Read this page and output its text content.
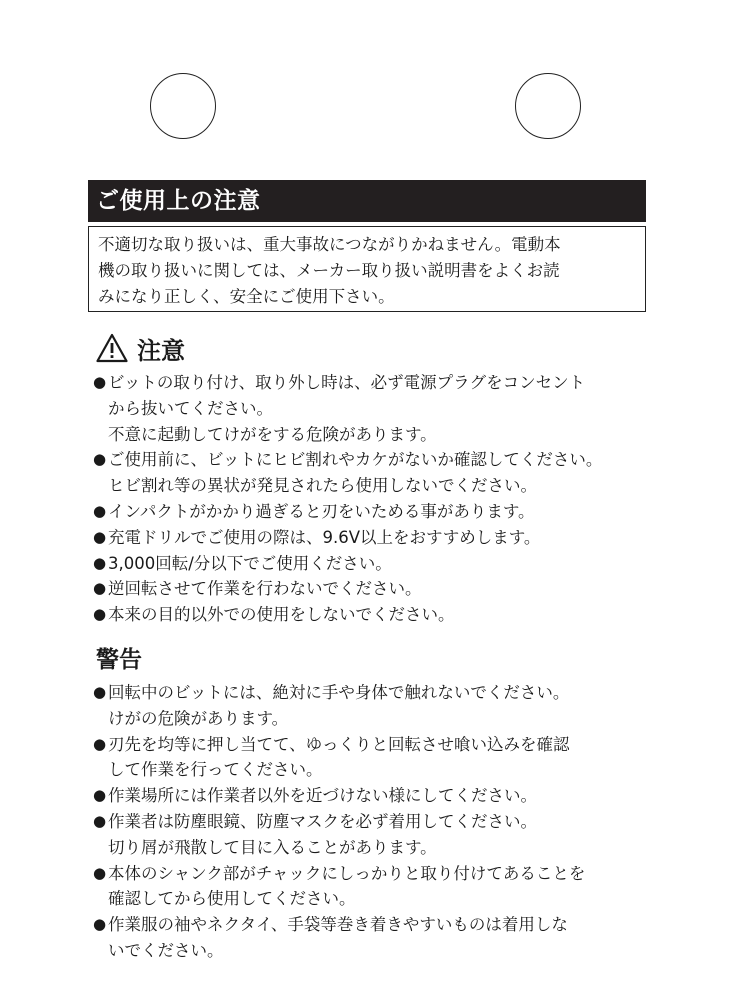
ご使用上の注意
不適切な取り扱いは、重大事故につながりかねません。電動本
機の取り扱いに関しては、メーカー取り扱い説明書をよくお読
みになり正しく、安全にご使用下さい。
注意
● ビットの取り付け、取り外し時は、必ず電源プラグをコンセント
から抜いてください。
不意に起動してけがをする危険があります。
● ご使用前に、ビットにヒビ割れやカケがないか確認してください。
ヒビ割れ等の異状が発見されたら使用しないでください。
● インパクトがかかり過ぎると刃をいためる事があります。
● 充電ドリルでご使用の際は、9.6V以上をおすすめします。
● 3,000回転/分以下でご使用ください。
● 逆回転させて作業を行わないでください。
● 本来の目的以外での使用をしないでください。
警告
● 回転中のビットには、絶対に手や身体で触れないでください。
けがの危険があります。
● 刃先を均等に押し当てて、ゆっくりと回転させ喰い込みを確認
して作業を行ってください。
● 作業場所には作業者以外を近づけない様にしてください。
● 作業者は防塵眼鏡、防塵マスクを必ず着用してください。
切り屑が飛散して目に入ることがあります。
● 本体のシャンク部がチャックにしっかりと取り付けてあることを
確認してから使用してください。
● 作業服の袖やネクタイ、手袋等巻き着きやすいものは着用しな
いでください。
